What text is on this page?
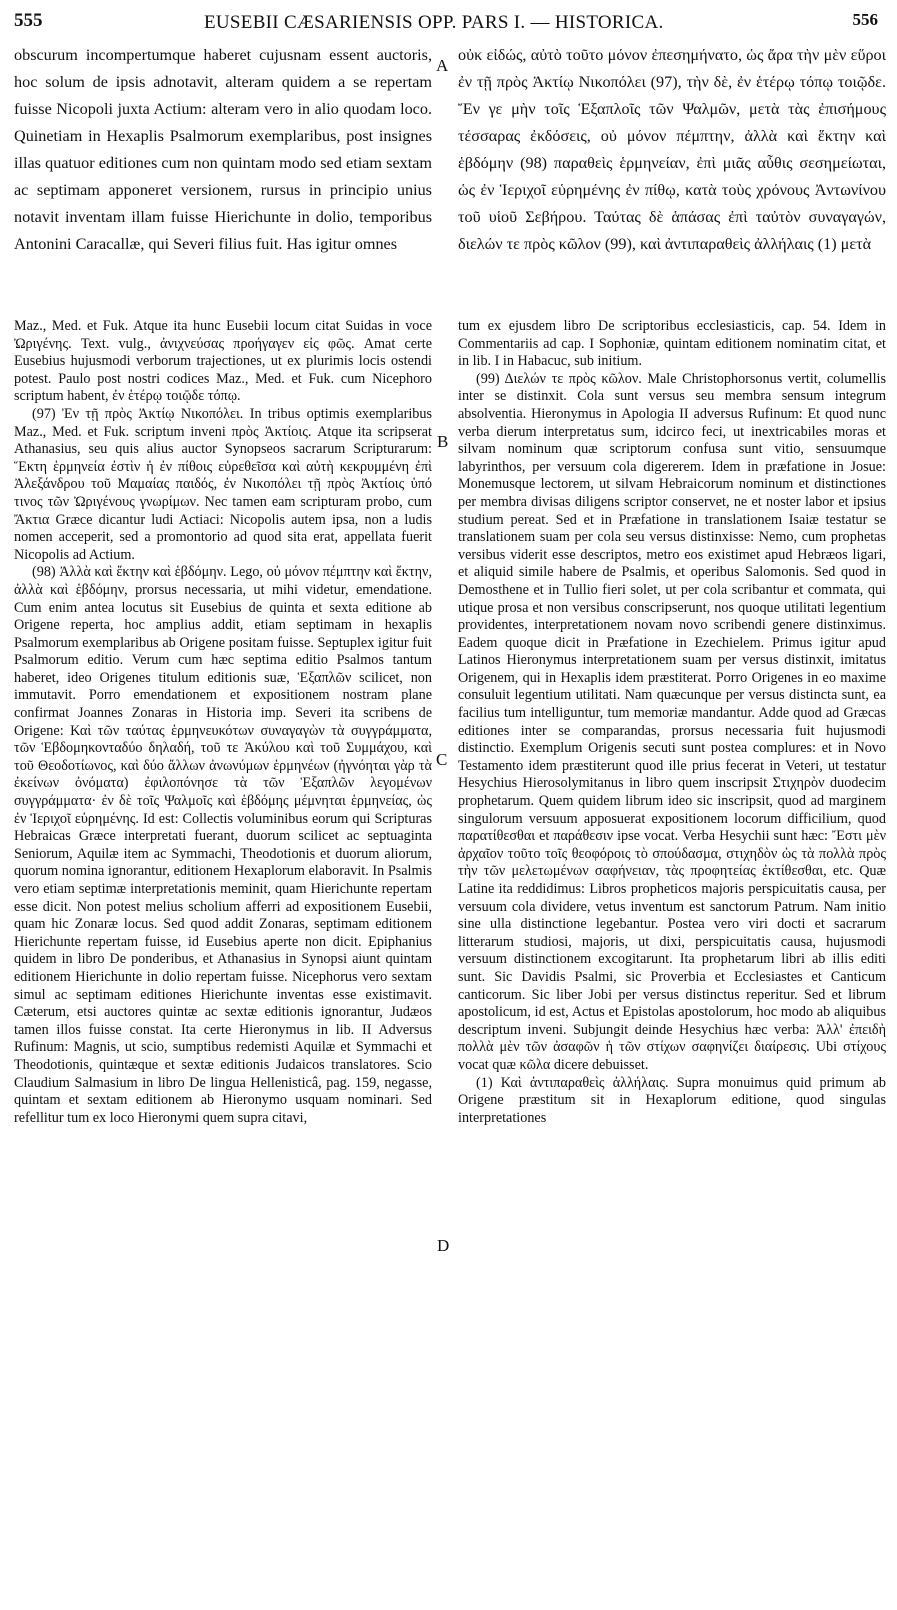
555	EUSEBII CÆSARIENSIS OPP. PARS I. — HISTORICA.	556

obscurum incompertumque haberet cujusnam essent auctoris, hoc solum de ipsis adnotavit, alteram quidem a se repertam fuisse Nicopoli juxta Actium: alteram vero in alio quodam loco. Quinetiam in Hexaplis Psalmorum exemplaribus, post insignes illas quatuor editiones cum non quintam modo sed etiam sextam ac septimam apponeret versionem, rursus in principio unius notavit inventam illam fuisse Hierichunte in dolio, temporibus Antonini Caracallæ, qui Severi filius fuit. Has igitur omnes

οὐκ εἰδώς, αὐτὸ τοῦτο μόνον ἐπεσημήνατο, ὡς ἄρα τὴν μὲν εὕροι ἐν τῇ πρὸς Ἀκτίῳ Νικοπόλει (97), τὴν δὲ, ἐν ἑτέρῳ τόπῳ τοιῷδε. Ἔν γε μὴν τοῖς Ἑξαπλοῖς τῶν Ψαλμῶν, μετὰ τὰς ἐπισήμους τέσσαρας ἐκδόσεις, οὐ μόνον πέμπτην, ἀλλὰ καὶ ἕκτην καὶ ἑβδόμην (98) παραθεὶς ἑρμηνείαν, ἐπὶ μιᾶς αὖθις σεσημείωται, ὡς ἐν Ἱεριχοῖ εὑρημένης ἐν πίθῳ, κατὰ τοὺς χρόνους Ἀντωνίνου τοῦ υἱοῦ Σεβήρου. Ταύτας δὲ ἁπάσας ἐπὶ ταὐτὸν συναγαγών, διελών τε πρὸς κῶλον (99), καὶ ἀντιπαραθεὶς ἀλλήλαις (1) μετὰ

Maz., Med. et Fuk. Atque ita hunc Eusebii locum citat Suidas in voce Ὠριγένης. Text. vulg., ἀνιχνεύσας προήγαγεν εἰς φῶς. Amat certe Eusebius hujusmodi verborum trajectiones, ut ex plurimis locis ostendi potest. Paulo post nostri codices Maz., Med. et Fuk. cum Nicephoro scriptum habent, ἐν ἑτέρῳ τοιῷδε τόπῳ.

(97) Ἐν τῇ πρὸς Ἀκτίῳ Νικοπόλει. In tribus optimis exemplaribus Maz., Med. et Fuk. scriptum inveni πρὸς Ἀκτίοις. Atque ita scripserat Athanasius, seu quis alius auctor Synopseos sacrarum Scripturarum: Ἕκτη ἑρμηνεία ἐστὶν ἡ ἐν πίθοις εὑρεθεῖσα καὶ αὐτὴ κεκρυμμένη ἐπὶ Ἀλεξάνδρου τοῦ Μαμαίας παιδός, ἐν Νικοπόλει τῇ πρὸς Ἀκτίοις ὑπό τινος τῶν Ὠριγένους γνωρίμων. Nec tamen eam scripturam probo, cum Ἄκτια Græce dicantur ludi Actiaci: Nicopolis autem ipsa, non a ludis nomen acceperit, sed a promontorio ad quod sita erat, appellata fuerit Nicopolis ad Actium.

(98) Ἀλλὰ καὶ ἕκτην καὶ ἑβδόμην. Lego, οὐ μόνον πέμπτην καὶ ἕκτην, ἀλλὰ καὶ ἑβδόμην, prorsus necessaria, ut mihi videtur, emendatione. Cum enim antea locutus sit Eusebius de quinta et sexta editione ab Origene reperta, hoc amplius addit, etiam septimam in hexaplis Psalmorum exemplaribus ab Origene positam fuisse. Septuplex igitur fuit Psalmorum editio. Verum cum hæc septima editio Psalmos tantum haberet, ideo Origenes titulum editionis suæ, Ἑξαπλῶν scilicet, non immutavit. Porro emendationem et expositionem nostram plane confirmat Joannes Zonaras in Historia imp. Severi ita scribens de Origene: Καὶ τῶν ταύτας ἑρμηνευκότων συναγαγὼν τὰ συγγράμματα, τῶν Ἑβδομηκονταδύο δηλαδή, τοῦ τε Ἀκύλου καὶ τοῦ Συμμάχου, καὶ τοῦ Θεοδοτίωνος, καὶ δύο ἄλλων ἀνωνύμων ἑρμηνέων (ἠγνόηται γὰρ τὰ ἐκείνων ὀνόματα) ἐφιλοπόνησε τὰ τῶν Ἑξαπλῶν λεγομένων συγγράμματα· ἐν δὲ τοῖς Ψαλμοῖς καὶ ἑβδόμης μέμνηται ἑρμηνείας, ὡς ἐν Ἱεριχοῖ εὑρημένης. Id est: Collectis voluminibus eorum qui Scripturas Hebraicas Græce interpretati fuerant, duorum scilicet ac septuaginta Seniorum, Aquilæ item ac Symmachi, Theodotionis et duorum aliorum, quorum nomina ignorantur, editionem Hexaplorum elaboravit. In Psalmis vero etiam septimæ interpretationis meminit, quam Hierichunte repertam esse dicit. Non potest melius scholium afferri ad expositionem Eusebii, quam hic Zonaræ locus. Sed quod addit Zonaras, septimam editionem Hierichunte repertam fuisse, id Eusebius aperte non dicit. Epiphanius quidem in libro De ponderibus, et Athanasius in Synopsi aiunt quintam editionem Hierichunte in dolio repertam fuisse. Nicephorus vero sextam simul ac septimam editiones Hierichunte inventas esse existimavit. Cæterum, etsi auctores quintæ ac sextæ editionis ignorantur, Judæos tamen illos fuisse constat. Ita certe Hieronymus in lib. II Adversus Rufinum: Magnis, ut scio, sumptibus redemisti Aquilæ et Symmachi et Theodotionis, quintæque et sextæ editionis Judaicos translatores. Scio Claudium Salmasium in libro De lingua Hellenisticâ, pag. 159, negasse, quintam et sextam editionem ab Hieronymo usquam nominari. Sed refellitur tum ex loco Hieronymi quem supra citavi,

tum ex ejusdem libro De scriptoribus ecclesiasticis, cap. 54. Idem in Commentariis ad cap. I Sophoniæ, quintam editionem nominatim citat, et in lib. I in Habacuc, sub initium.

(99) Διελών τε πρὸς κῶλον. Male Christophorsonus vertit, columellis inter se distinxit. Cola sunt versus seu membra sensum integrum absolventia. Hieronymus in Apologia II adversus Rufinum: Et quod nunc verba dierum interpretatus sum, idcirco feci, ut inextricabiles moras et silvam nominum quæ scriptorum confusa sunt vitio, sensuumque labyrinthos, per versuum cola digererem. Idem in præfatione in Josue: Monemusque lectorem, ut silvam Hebraicorum nominum et distinctiones per membra divisas diligens scriptor conservet, ne et noster labor et ipsius studium pereat. Sed et in Præfatione in translationem Isaiæ testatur se translationem suam per cola seu versus distinxisse: Nemo, cum prophetas versibus viderit esse descriptos, metro eos existimet apud Hebræos ligari, et aliquid simile habere de Psalmis, et operibus Salomonis. Sed quod in Demosthene et in Tullio fieri solet, ut per cola scribantur et commata, qui utique prosa et non versibus conscripserunt, nos quoque utilitati legentium providentes, interpretationem novam novo scribendi genere distinximus. Eadem quoque dicit in Præfatione in Ezechielem. Primus igitur apud Latinos Hieronymus interpretationem suam per versus distinxit, imitatus Origenem, qui in Hexaplis idem præstiterat. Porro Origenes in eo maxime consuluit legentium utilitati. Nam quæcunque per versus distincta sunt, ea facilius tum intelliguntur, tum memoriæ mandantur. Adde quod ad Græcas editiones inter se comparandas, prorsus necessaria fuit hujusmodi distinctio. Exemplum Origenis secuti sunt postea complures: et in Novo Testamento idem præstiterunt quod ille prius fecerat in Veteri, ut testatur Hesychius Hierosolymitanus in libro quem inscripsit Στιχηρὸν duodecim prophetarum. Quem quidem librum ideo sic inscripsit, quod ad marginem singulorum versuum apposuerat expositionem locorum difficilium, quod παρατίθεσθαι et παράθεσιν ipse vocat. Verba Hesychii sunt hæc: Ἔστι μὲν ἀρχαῖον τοῦτο τοῖς θεοφόροις τὸ σπούδασμα, στιχηδὸν ὡς τὰ πολλὰ πρὸς τὴν τῶν μελετωμένων σαφήνειαν, τὰς προφητείας ἐκτίθεσθαι, etc. Quæ Latine ita reddidimus: Libros propheticos majoris perspicuitatis causa, per versuum cola dividere, vetus inventum est sanctorum Patrum. Nam initio sine ulla distinctione legebantur. Postea vero viri docti et sacrarum litterarum studiosi, majoris, ut dixi, perspicuitatis causa, hujusmodi versuum distinctionem excogitarunt. Ita prophetarum libri ab illis editi sunt. Sic Davidis Psalmi, sic Proverbia et Ecclesiastes et Canticum canticorum. Sic liber Jobi per versus distinctus reperitur. Sed et librum apostolicum, id est, Actus et Epistolas apostolorum, hoc modo ab aliquibus descriptum inveni. Subjungit deinde Hesychius hæc verba: Ἀλλ' ἐπειδὴ πολλὰ μὲν τῶν ἀσαφῶν ἡ τῶν στίχων σαφηνίζει διαίρεσις. Ubi στίχους vocat quæ κῶλα dicere debuisset.

(1) Καὶ ἀντιπαραθεὶς ἀλλήλαις. Supra monuimus quid primum ab Origene præstitum sit in Hexaplorum editione, quod singulas interpretationes

A
B
C
D
